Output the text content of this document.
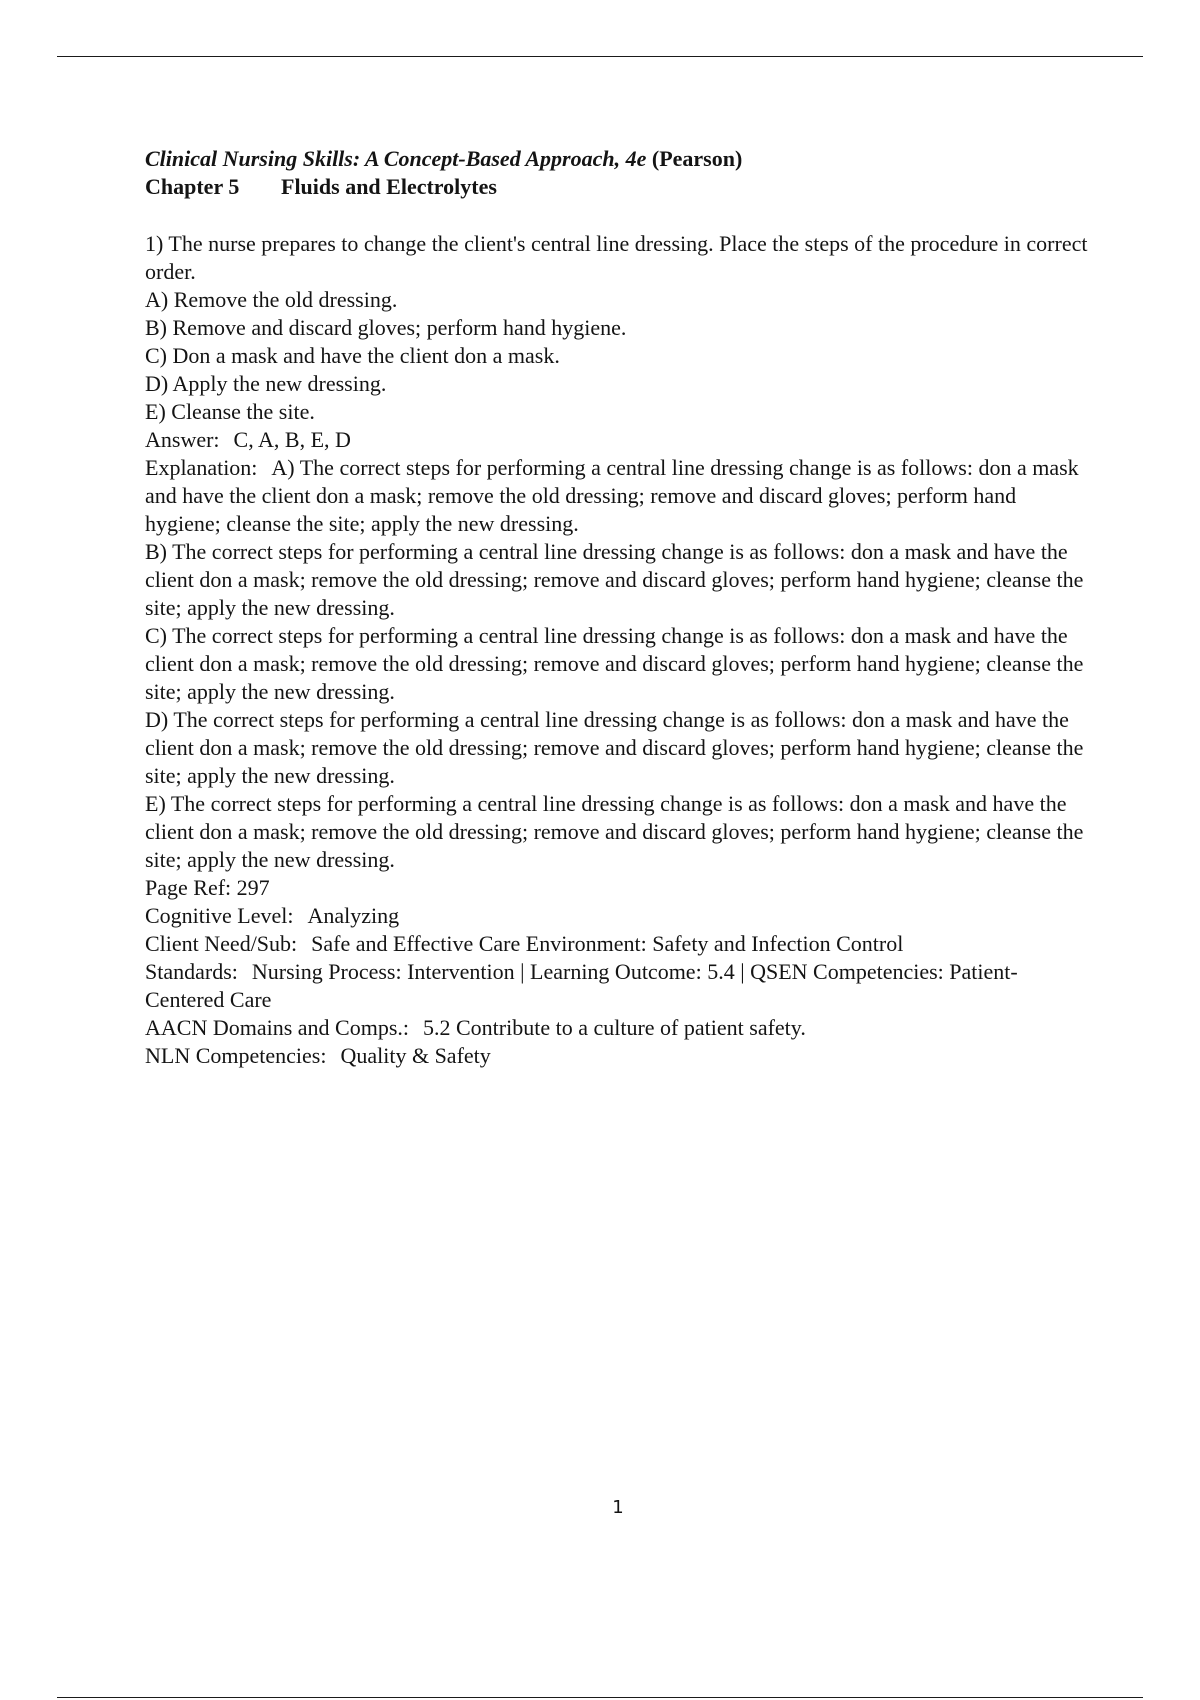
Clinical Nursing Skills: A Concept-Based Approach, 4e (Pearson)
Chapter 5 Fluids and Electrolytes
1) The nurse prepares to change the client's central line dressing. Place the steps of the procedure in correct order.
A) Remove the old dressing.
B) Remove and discard gloves; perform hand hygiene.
C) Don a mask and have the client don a mask.
D) Apply the new dressing.
E) Cleanse the site.
Answer: C, A, B, E, D
Explanation: A) The correct steps for performing a central line dressing change is as follows: don a mask and have the client don a mask; remove the old dressing; remove and discard gloves; perform hand hygiene; cleanse the site; apply the new dressing.
B) The correct steps for performing a central line dressing change is as follows: don a mask and have the client don a mask; remove the old dressing; remove and discard gloves; perform hand hygiene; cleanse the site; apply the new dressing.
C) The correct steps for performing a central line dressing change is as follows: don a mask and have the client don a mask; remove the old dressing; remove and discard gloves; perform hand hygiene; cleanse the site; apply the new dressing.
D) The correct steps for performing a central line dressing change is as follows: don a mask and have the client don a mask; remove the old dressing; remove and discard gloves; perform hand hygiene; cleanse the site; apply the new dressing.
E) The correct steps for performing a central line dressing change is as follows: don a mask and have the client don a mask; remove the old dressing; remove and discard gloves; perform hand hygiene; cleanse the site; apply the new dressing.
Page Ref: 297
Cognitive Level: Analyzing
Client Need/Sub: Safe and Effective Care Environment: Safety and Infection Control
Standards: Nursing Process: Intervention | Learning Outcome: 5.4 | QSEN Competencies: Patient-Centered Care
AACN Domains and Comps.: 5.2 Contribute to a culture of patient safety.
NLN Competencies: Quality & Safety
1
